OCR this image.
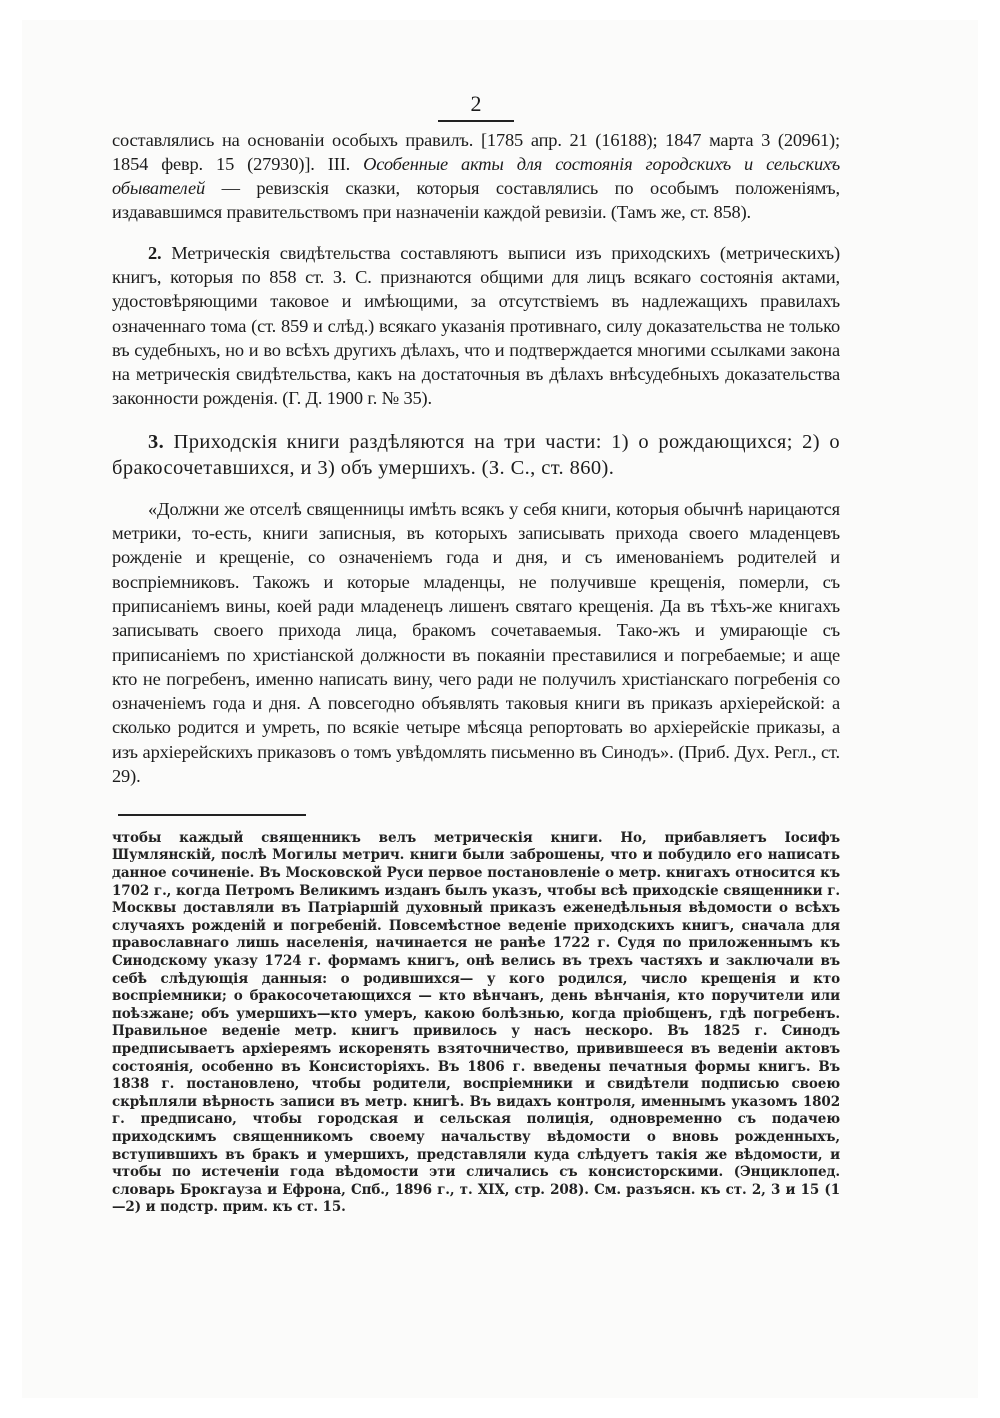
2

составлялись на основаніи особыхъ правилъ. [1785 апр. 21 (16188); 1847 марта 3 (20961); 1854 февр. 15 (27930)]. III. Особенные акты для состоянія городскихъ и сельскихъ обывателей — ревизскія сказки, которыя составлялись по особымъ положеніямъ, издававшимся правительствомъ при назначеніи каждой ревизіи. (Тамъ же, ст. 858).

2. Метрическія свидѣтельства составляютъ выписи изъ приходскихъ (метрическихъ) книгъ, которыя по 858 ст. З. С. признаются общими для лицъ всякаго состоянія актами, удостовѣряющими таковое и имѣющими, за отсутствіемъ въ надлежащихъ правилахъ означеннаго тома (ст. 859 и слѣд.) всякаго указанія противнаго, силу доказательства не только въ судебныхъ, но и во всѣхъ другихъ дѣлахъ, что и подтверждается многими ссылками закона на метрическія свидѣтельства, какъ на достаточныя въ дѣлахъ внѣсудебныхъ доказательства законности рожденія. (Г. Д. 1900 г. № 35).

3. Приходскія книги раздѣляются на три части: 1) о рождающихся; 2) о бракосочетавшихся, и 3) объ умершихъ. (З. С., ст. 860).

«Должни же отселѣ священницы имѣть всякъ у себя книги, которыя обычнѣ нарицаются метрики, то-есть, книги записныя, въ которыхъ записывать прихода своего младенцевъ рожденіе и крещеніе, со означеніемъ года и дня, и съ именованіемъ родителей и воспріемниковъ. Такожъ и которые младенцы, не получивше крещенія, померли, съ приписаніемъ вины, коей ради младенецъ лишенъ святаго крещенія. Да въ тѣхъ-же книгахъ записывать своего прихода лица, бракомъ сочетаваемыя. Тако-жъ и умирающіе съ приписаніемъ по христіанской должности въ покаяніи преставилися и погребаемые; и аще кто не погребенъ, именно написать вину, чего ради не получилъ христіанскаго погребенія со означеніемъ года и дня. А повсегодно объявлять таковыя книги въ приказъ архіерейской: а сколько родится и умреть, по всякіе четыре мѣсяца репортовать во архіерейскіе приказы, а изъ архіерейскихъ приказовъ о томъ увѣдомлять письменно въ Синодъ». (Приб. Дух. Регл., ст. 29).

чтобы каждый священникъ велъ метрическія книги. Но, прибавляетъ Іосифъ Шумлянскій, послѣ Могилы метрич. книги были заброшены, что и побудило его написать данное сочиненіе. Въ Московской Руси первое постановленіе о метр. книгахъ относится къ 1702 г., когда Петромъ Великимъ изданъ былъ указъ, чтобы всѣ приходскіе священники г. Москвы доставляли въ Патріаршій духовный приказъ еженедѣльныя вѣдомости о всѣхъ случаяхъ рожденій и погребеній. Повсемѣстное веденіе приходскихъ книгъ, сначала для православнаго лишь населенія, начинается не ранѣе 1722 г. Судя по приложеннымъ къ Синодскому указу 1724 г. формамъ книгъ, онѣ велись въ трехъ частяхъ и заключали въ себѣ слѣдующія данныя: о родившихся— у кого родился, число крещенія и кто воспріемники; о бракосочетающихся — кто вѣнчанъ, день вѣнчанія, кто поручители или поѣзжане; объ умершихъ—кто умеръ, какою болѣзнью, когда пріобщенъ, гдѣ погребенъ. Правильное веденіе метр. книгъ привилось у насъ нескоро. Въ 1825 г. Синодъ предписываетъ архіереямъ искоренять взяточничество, привившееся въ веденіи актовъ состоянія, особенно въ Консисторіяхъ. Въ 1806 г. введены печатныя формы книгъ. Въ 1838 г. постановлено, чтобы родители, воспріемники и свидѣтели подписью своею скрѣпляли вѣрность записи въ метр. книгѣ. Въ видахъ контроля, именнымъ указомъ 1802 г. предписано, чтобы городская и сельская полиція, одновременно съ подачею приходскимъ священникомъ своему начальству вѣдомости о вновь рожденныхъ, вступившихъ въ бракъ и умершихъ, представляли куда слѣдуетъ такія же вѣдомости, и чтобы по истеченіи года вѣдомости эти сличались съ консисторскими. (Энциклопед. словарь Брокгауза и Ефрона, Спб., 1896 г., т. XIX, стр. 208). См. разъясн. къ ст. 2, 3 и 15 (1—2) и подстр. прим. къ ст. 15.
